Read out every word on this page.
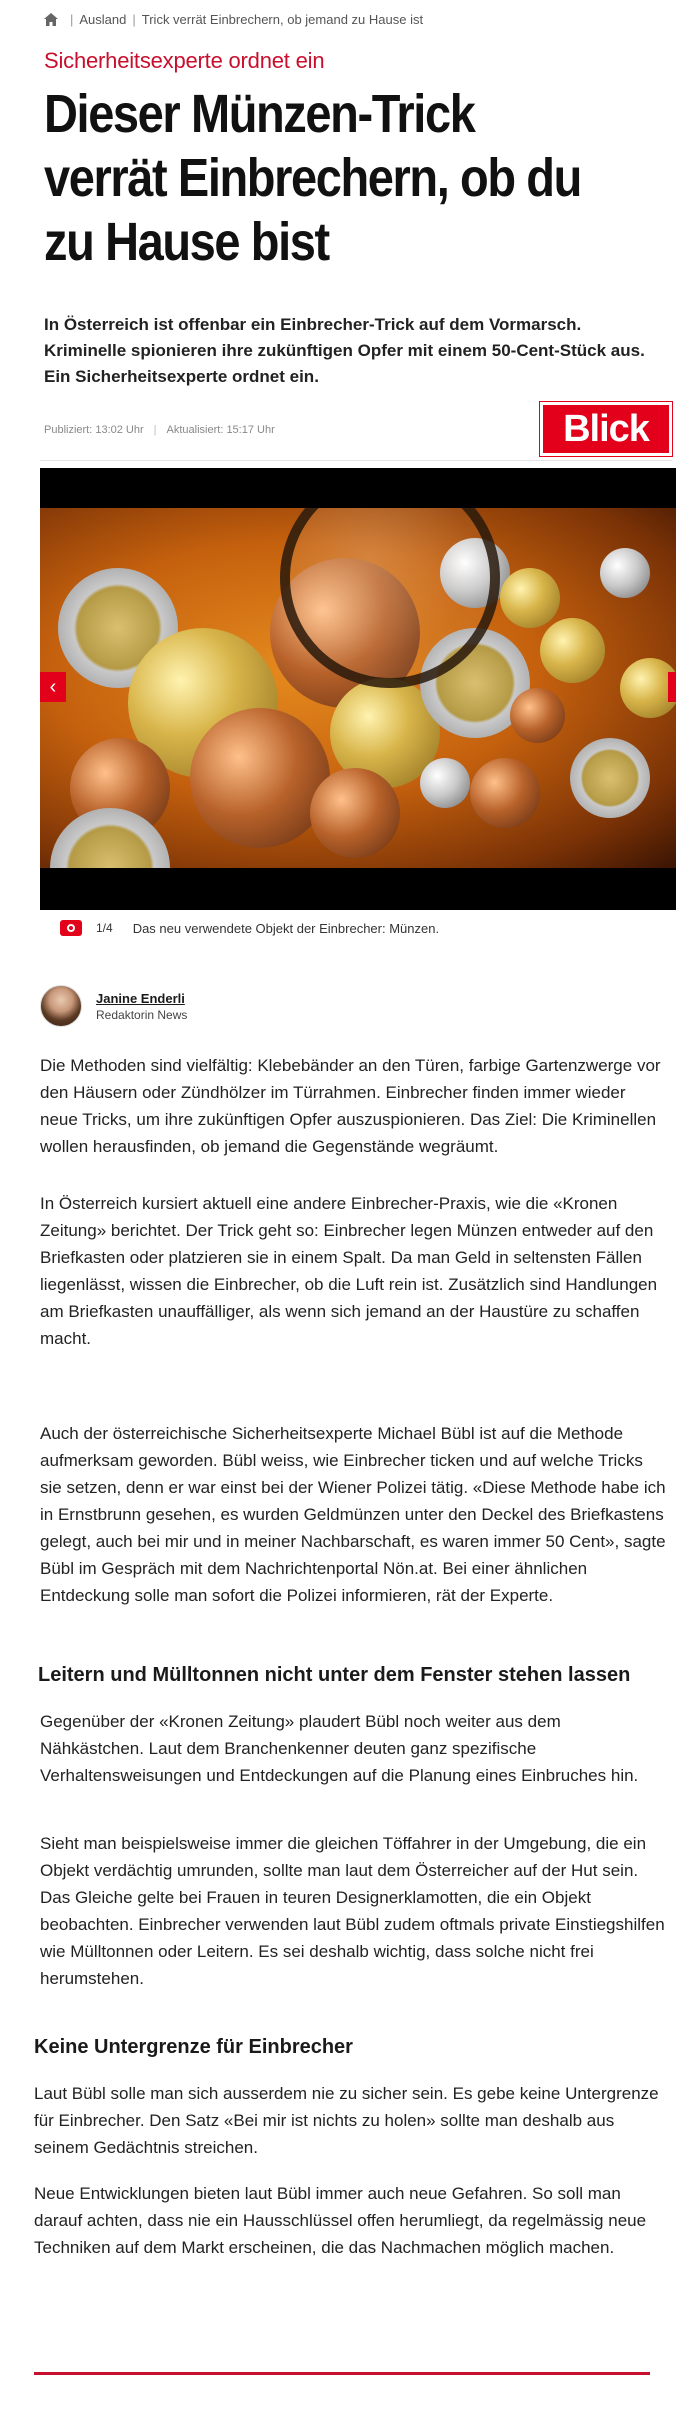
| Ausland | Trick verrät Einbrechern, ob jemand zu Hause ist
Sicherheitsexperte ordnet ein
Dieser Münzen-Trick
verrät Einbrechern, ob du
zu Hause bist

In Österreich ist offenbar ein Einbrecher-Trick auf dem Vormarsch. Kriminelle spionieren ihre zukünftigen Opfer mit einem 50-Cent-Stück aus. Ein Sicherheitsexperte ordnet ein.

Publiziert: 13:02 Uhr | Aktualisiert: 15:17 Uhr	Blick
‹
1/4 Das neu verwendete Objekt der Einbrecher: Münzen.
Janine Enderli
Redaktorin News

Die Methoden sind vielfältig: Klebebänder an den Türen, farbige Gartenzwerge vor den Häusern oder Zündhölzer im Türrahmen. Einbrecher finden immer wieder neue Tricks, um ihre zukünftigen Opfer auszuspionieren. Das Ziel: Die Kriminellen wollen herausfinden, ob jemand die Gegenstände wegräumt.

In Österreich kursiert aktuell eine andere Einbrecher-Praxis, wie die «Kronen Zeitung» berichtet. Der Trick geht so: Einbrecher legen Münzen entweder auf den Briefkasten oder platzieren sie in einem Spalt. Da man Geld in seltensten Fällen liegenlässt, wissen die Einbrecher, ob die Luft rein ist. Zusätzlich sind Handlungen am Briefkasten unauffälliger, als wenn sich jemand an der Haustüre zu schaffen macht.

Auch der österreichische Sicherheitsexperte Michael Bübl ist auf die Methode aufmerksam geworden. Bübl weiss, wie Einbrecher ticken und auf welche Tricks sie setzen, denn er war einst bei der Wiener Polizei tätig. «Diese Methode habe ich in Ernstbrunn gesehen, es wurden Geldmünzen unter den Deckel des Briefkastens gelegt, auch bei mir und in meiner Nachbarschaft, es waren immer 50 Cent», sagte Bübl im Gespräch mit dem Nachrichtenportal Nön.at. Bei einer ähnlichen Entdeckung solle man sofort die Polizei informieren, rät der Experte.

Leitern und Mülltonnen nicht unter dem Fenster stehen lassen

Gegenüber der «Kronen Zeitung» plaudert Bübl noch weiter aus dem Nähkästchen. Laut dem Branchenkenner deuten ganz spezifische Verhaltensweisungen und Entdeckungen auf die Planung eines Einbruches hin.

Sieht man beispielsweise immer die gleichen Töffahrer in der Umgebung, die ein Objekt verdächtig umrunden, sollte man laut dem Österreicher auf der Hut sein. Das Gleiche gelte bei Frauen in teuren Designerklamotten, die ein Objekt beobachten. Einbrecher verwenden laut Bübl zudem oftmals private Einstiegshilfen wie Mülltonnen oder Leitern. Es sei deshalb wichtig, dass solche nicht frei herumstehen.

Keine Untergrenze für Einbrecher

Laut Bübl solle man sich ausserdem nie zu sicher sein. Es gebe keine Untergrenze für Einbrecher. Den Satz «Bei mir ist nichts zu holen» sollte man deshalb aus seinem Gedächtnis streichen.

Neue Entwicklungen bieten laut Bübl immer auch neue Gefahren. So soll man darauf achten, dass nie ein Hausschlüssel offen herumliegt, da regelmässig neue Techniken auf dem Markt erscheinen, die das Nachmachen möglich machen.
